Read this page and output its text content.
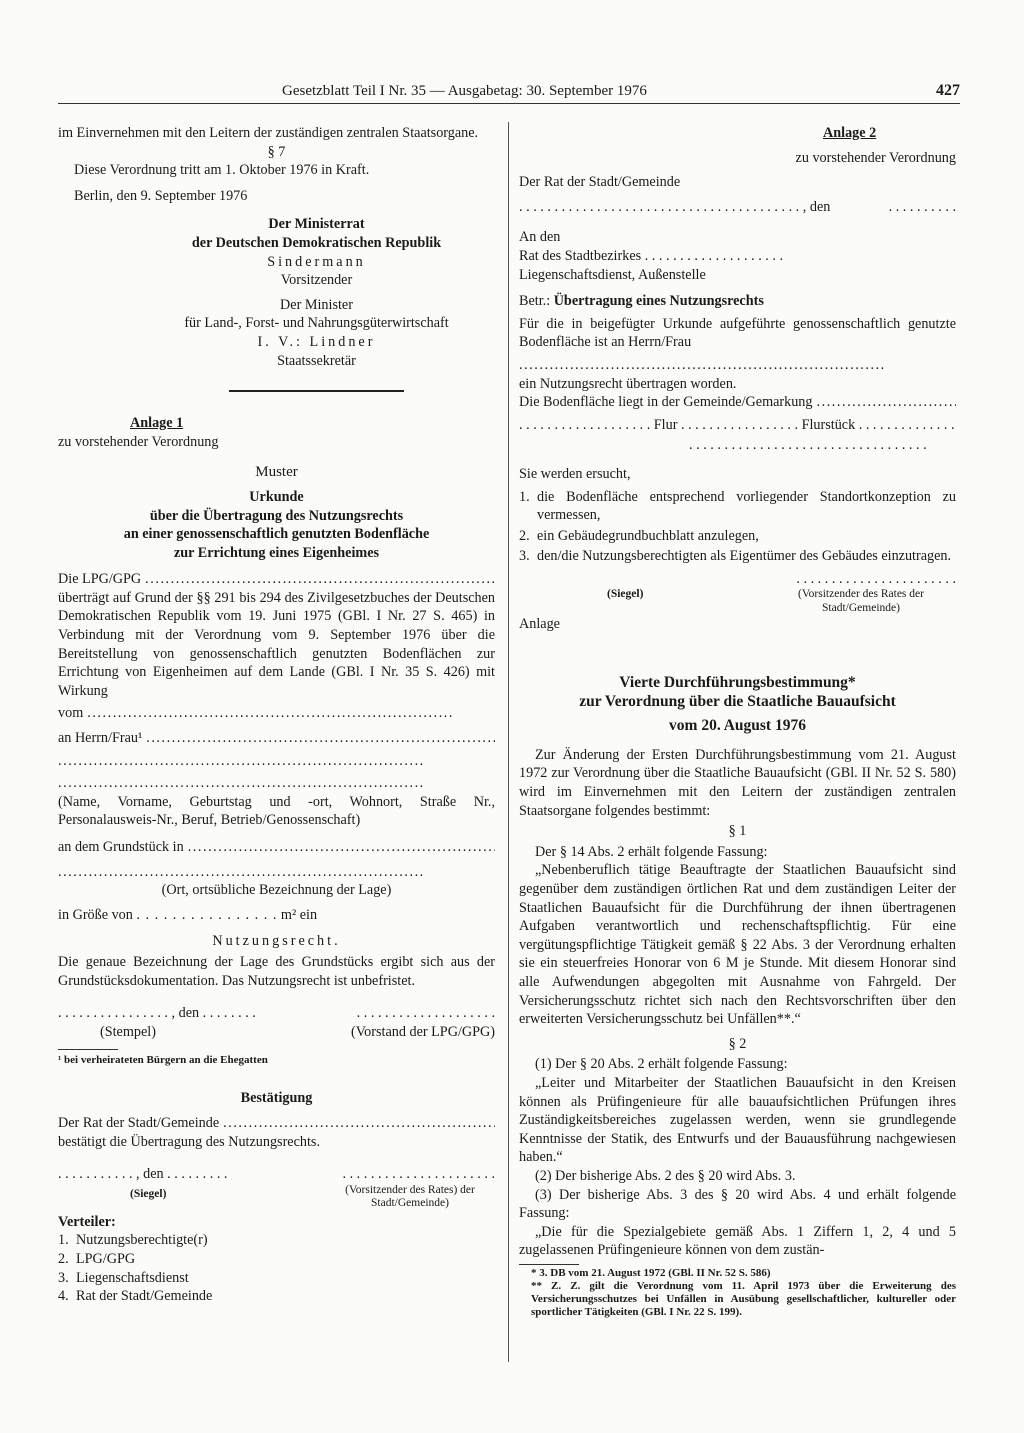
Gesetzblatt Teil I Nr. 35 — Ausgabetag: 30. September 1976	427

im Einvernehmen mit den Leitern der zuständigen zentralen Staatsorgane.

§ 7

Diese Verordnung tritt am 1. Oktober 1976 in Kraft.

Berlin, den 9. September 1976

Der Ministerrat

der Deutschen Demokratischen Republik

Sindermann

Vorsitzender

Der Minister

für Land-, Forst- und Nahrungsgüterwirtschaft

I. V.: Lindner

Staatssekretär

Anlage 1

zu vorstehender Verordnung

Muster

Urkunde

über die Übertragung des Nutzungsrechts

an einer genossenschaftlich genutzten Bodenfläche

zur Errichtung eines Eigenheimes

Die LPG/GPG
. . .

überträgt auf Grund der §§ 291 bis 294 des Zivilgesetzbuches der Deutschen Demokratischen Republik vom 19. Juni 1975 (GBl. I Nr. 27 S. 465) in Verbindung mit der Verordnung vom 9. September 1976 über die Bereitstellung von genossenschaftlich genutzten Bodenflächen zur Errichtung von Eigenheimen auf dem Lande (GBl. I Nr. 35 S. 426) mit Wirkung

vom
. . .
an Herrn/Frau¹
. . .
. . .
. . .

(Name, Vorname, Geburtstag und -ort, Wohnort, Straße Nr., Personalausweis-Nr., Beruf, Betrieb/Genossenschaft)

an dem Grundstück in
. . .
. . .

(Ort, ortsübliche Bezeichnung der Lage)

in Größe von . . . . . . . . . . . . . . . . m² ein

Nutzungsrecht.

Die genaue Bezeichnung der Lage des Grundstücks ergibt sich aus der Grundstücksdokumentation. Das Nutzungsrecht ist unbefristet.

. . . . . . . . . . . . . . . . , den . . . . . . . .	. . . . . . . . . . . . . . . . . . . .
(Stempel)	(Vorstand der LPG/GPG)

¹ bei verheirateten Bürgern an die Ehegatten

Bestätigung

Der Rat der Stadt/Gemeinde
. . .

bestätigt die Übertragung des Nutzungsrechts.

. . . . . . . . . . . , den . . . . . . . . .	. . . . . . . . . . . . . . . . . . . . . .
(Siegel)	(Vorsitzender des Rates) der Stadt/Gemeinde)

Verteiler:

1. Nutzungsberechtigte(r)
2. LPG/GPG
3. Liegenschaftsdienst
4. Rat der Stadt/Gemeinde

Anlage 2

zu vorstehender Verordnung

Der Rat der Stadt/Gemeinde

. . . . . . . . . . . . . . . . . . . . . . . . . . . . . . . . . . . . . . . . , den	. . . . . . . . . .

An den

Rat des Stadtbezirkes . . . . . . . . . . . . . . . . . . . .

Liegenschaftsdienst, Außenstelle

Betr.: Übertragung eines Nutzungsrechts

Für die in beigefügter Urkunde aufgeführte genossenschaftlich genutzte Bodenfläche ist an Herrn/Frau

. . .

ein Nutzungsrecht übertragen worden.

Die Bodenfläche liegt in der Gemeinde/Gemarkung
. . .

. . . . . . . . . . . . . . . . . . . Flur . . . . . . . . . . . . . . . . . Flurstück . . . . . . . . . . . . . .

. . . . . . . . . . . . . . . . . . . . . . . . . . . . . . . . . .

Sie werden ersucht,

1. die Bodenfläche entsprechend vorliegender Standortkonzeption zu vermessen,
2. ein Gebäudegrundbuchblatt anzulegen,
3. den/die Nutzungsberechtigten als Eigentümer des Gebäudes einzutragen.

. . . . . . . . . . . . . . . . . . . . . . .

(Siegel)	(Vorsitzender des Rates der Stadt/Gemeinde)

Anlage

Vierte Durchführungsbestimmung*

zur Verordnung über die Staatliche Bauaufsicht

vom 20. August 1976

Zur Änderung der Ersten Durchführungsbestimmung vom 21. August 1972 zur Verordnung über die Staatliche Bauaufsicht (GBl. II Nr. 52 S. 580) wird im Einvernehmen mit den Leitern der zuständigen zentralen Staatsorgane folgendes bestimmt:

§ 1

Der § 14 Abs. 2 erhält folgende Fassung:

„Nebenberuflich tätige Beauftragte der Staatlichen Bauaufsicht sind gegenüber dem zuständigen örtlichen Rat und dem zuständigen Leiter der Staatlichen Bauaufsicht für die Durchführung der ihnen übertragenen Aufgaben verantwortlich und rechenschaftspflichtig. Für eine vergütungspflichtige Tätigkeit gemäß § 22 Abs. 3 der Verordnung erhalten sie ein steuerfreies Honorar von 6 M je Stunde. Mit diesem Honorar sind alle Aufwendungen abgegolten mit Ausnahme von Fahrgeld. Der Versicherungsschutz richtet sich nach den Rechtsvorschriften über den erweiterten Versicherungsschutz bei Unfällen**.“

§ 2

(1) Der § 20 Abs. 2 erhält folgende Fassung:

„Leiter und Mitarbeiter der Staatlichen Bauaufsicht in den Kreisen können als Prüfingenieure für alle bauaufsichtlichen Prüfungen ihres Zuständigkeitsbereiches zugelassen werden, wenn sie grundlegende Kenntnisse der Statik, des Entwurfs und der Bauausführung nachgewiesen haben.“

(2) Der bisherige Abs. 2 des § 20 wird Abs. 3.

(3) Der bisherige Abs. 3 des § 20 wird Abs. 4 und erhält folgende Fassung:

„Die für die Spezialgebiete gemäß Abs. 1 Ziffern 1, 2, 4 und 5 zugelassenen Prüfingenieure können von dem zustän-

* 3. DB vom 21. August 1972 (GBl. II Nr. 52 S. 586)

** Z. Z. gilt die Verordnung vom 11. April 1973 über die Erweiterung des Versicherungsschutzes bei Unfällen in Ausübung gesellschaftlicher, kultureller oder sportlicher Tätigkeiten (GBl. I Nr. 22 S. 199).
